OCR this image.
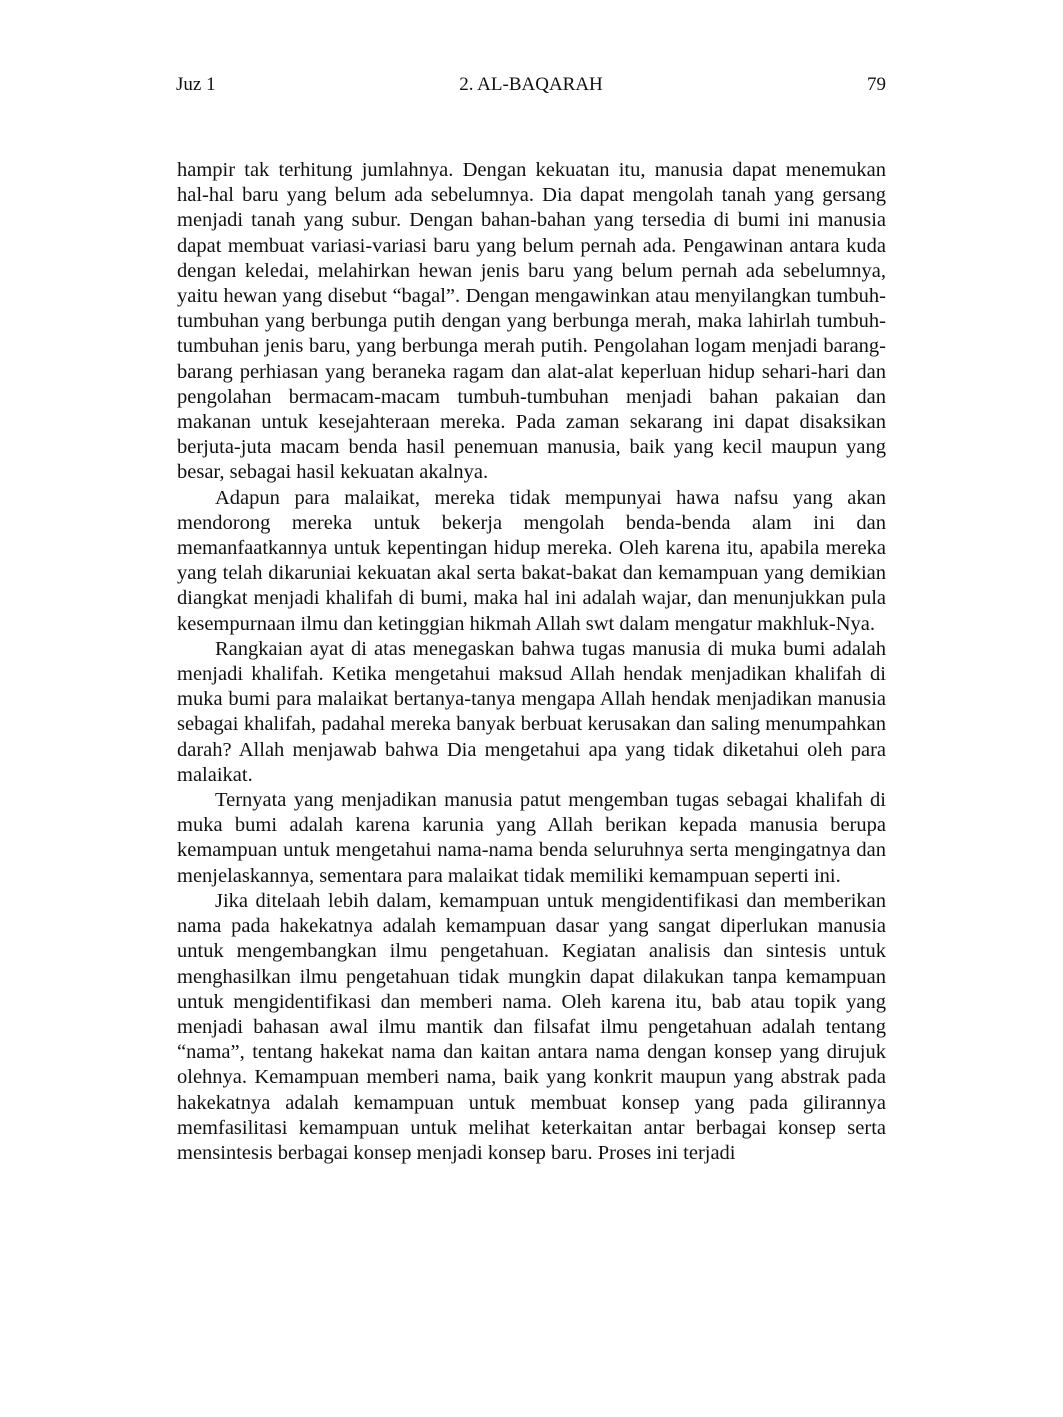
Juz 1	2. AL-BAQARAH	79

hampir tak terhitung jumlahnya. Dengan kekuatan itu, manusia dapat menemukan hal-hal baru yang belum ada sebelumnya. Dia dapat mengolah tanah yang gersang menjadi tanah yang subur. Dengan bahan-bahan yang tersedia di bumi ini manusia dapat membuat variasi-variasi baru yang belum pernah ada. Pengawinan antara kuda dengan keledai, melahirkan hewan jenis baru yang belum pernah ada sebelumnya, yaitu hewan yang disebut “bagal”. Dengan mengawinkan atau menyilangkan tumbuh-tumbuhan yang berbunga putih dengan yang berbunga merah, maka lahirlah tumbuh-tumbuhan jenis baru, yang berbunga merah putih. Pengolahan logam menjadi barang-barang perhiasan yang beraneka ragam dan alat-alat keperluan hidup sehari-hari dan pengolahan bermacam-macam tumbuh-tumbuhan menjadi bahan pakaian dan makanan untuk kesejahteraan mereka. Pada zaman sekarang ini dapat disaksikan berjuta-juta macam benda hasil penemuan manusia, baik yang kecil maupun yang besar, sebagai hasil kekuatan akalnya.

Adapun para malaikat, mereka tidak mempunyai hawa nafsu yang akan mendorong mereka untuk bekerja mengolah benda-benda alam ini dan memanfaatkannya untuk kepentingan hidup mereka. Oleh karena itu, apabila mereka yang telah dikaruniai kekuatan akal serta bakat-bakat dan kemampuan yang demikian diangkat menjadi khalifah di bumi, maka hal ini adalah wajar, dan menunjukkan pula kesempurnaan ilmu dan ketinggian hikmah Allah swt dalam mengatur makhluk-Nya.

Rangkaian ayat di atas menegaskan bahwa tugas manusia di muka bumi adalah menjadi khalifah. Ketika mengetahui maksud Allah hendak menjadikan khalifah di muka bumi para malaikat bertanya-tanya mengapa Allah hendak menjadikan manusia sebagai khalifah, padahal mereka banyak berbuat kerusakan dan saling menumpahkan darah? Allah menjawab bahwa Dia mengetahui apa yang tidak diketahui oleh para malaikat.

Ternyata yang menjadikan manusia patut mengemban tugas sebagai khalifah di muka bumi adalah karena karunia yang Allah berikan kepada manusia berupa kemampuan untuk mengetahui nama-nama benda seluruhnya serta mengingatnya dan menjelaskannya, sementara para malaikat tidak memiliki kemampuan seperti ini.

Jika ditelaah lebih dalam, kemampuan untuk mengidentifikasi dan memberikan nama pada hakekatnya adalah kemampuan dasar yang sangat diperlukan manusia untuk mengembangkan ilmu pengetahuan. Kegiatan analisis dan sintesis untuk menghasilkan ilmu pengetahuan tidak mungkin dapat dilakukan tanpa kemampuan untuk mengidentifikasi dan memberi nama. Oleh karena itu, bab atau topik yang menjadi bahasan awal ilmu mantik dan filsafat ilmu pengetahuan adalah tentang “nama”, tentang hakekat nama dan kaitan antara nama dengan konsep yang dirujuk olehnya. Kemampuan memberi nama, baik yang konkrit maupun yang abstrak pada hakekatnya adalah kemampuan untuk membuat konsep yang pada gilirannya memfasilitasi kemampuan untuk melihat keterkaitan antar berbagai konsep serta mensintesis berbagai konsep menjadi konsep baru. Proses ini terjadi
